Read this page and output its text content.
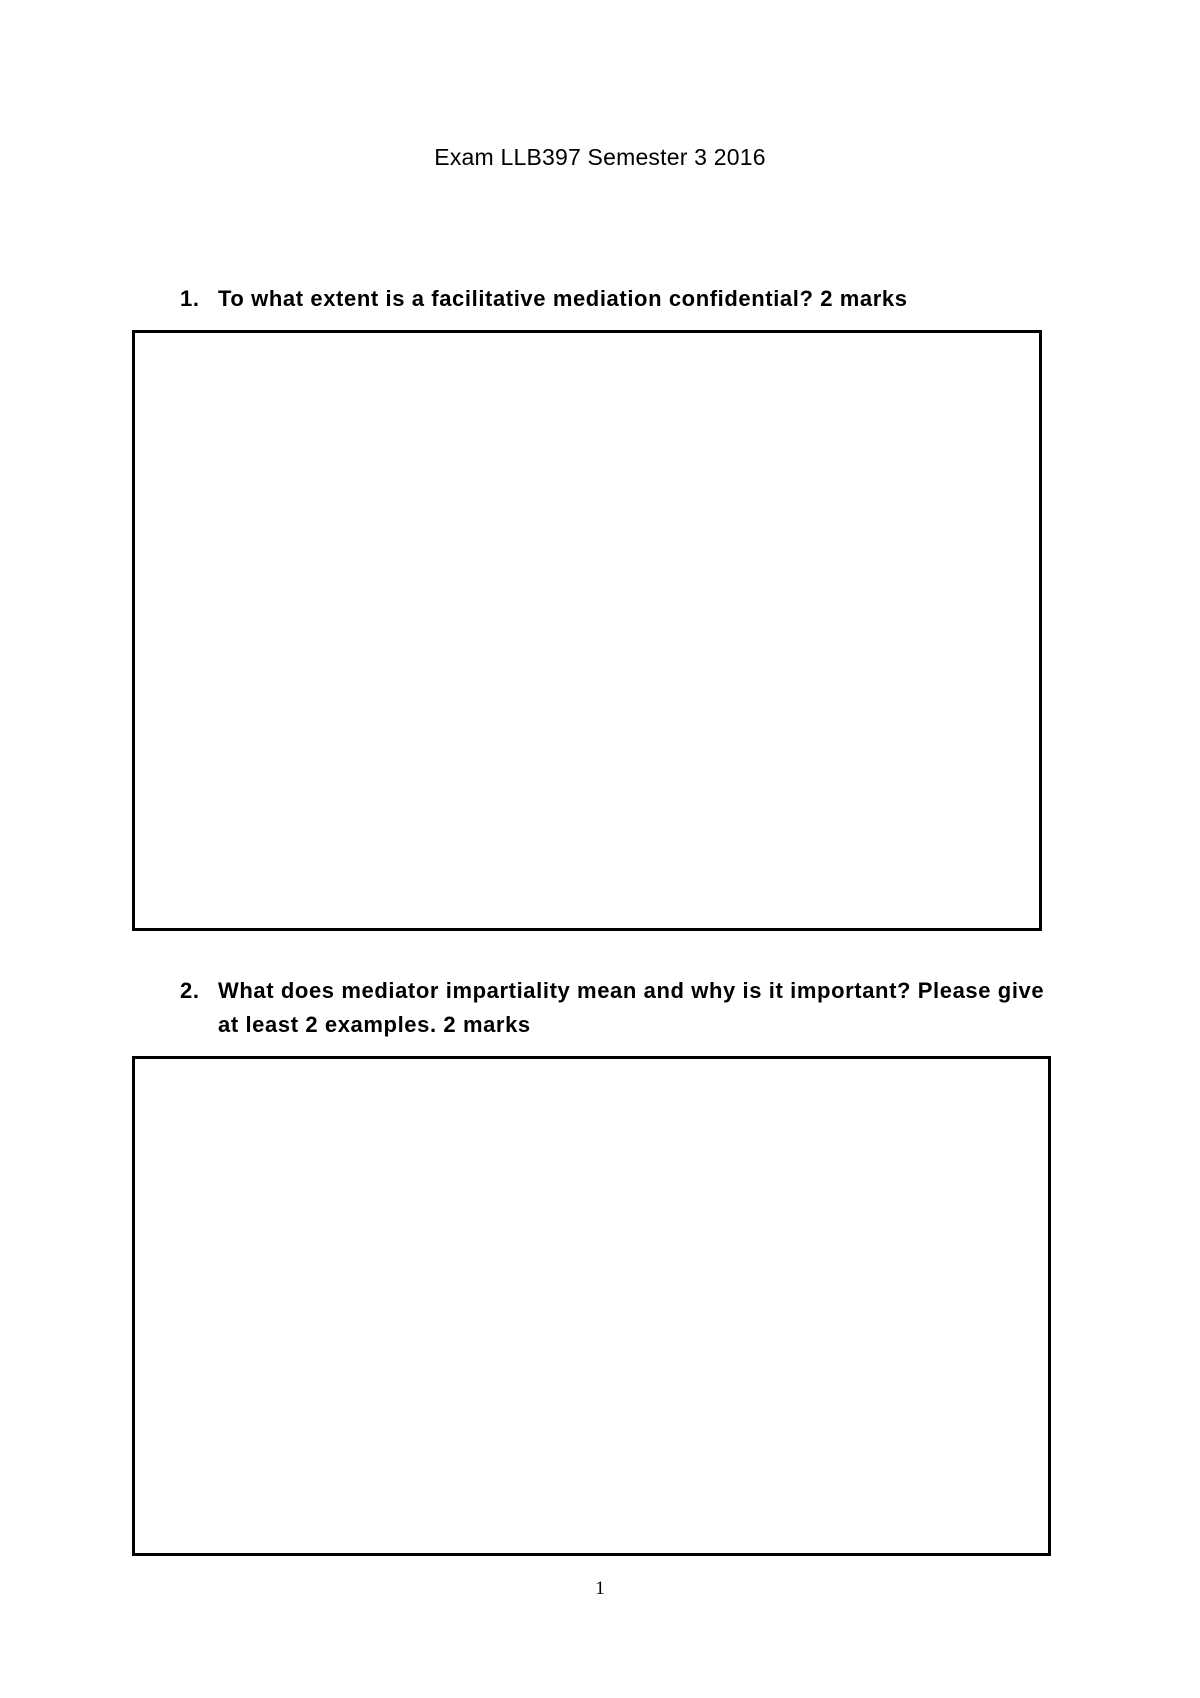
Exam LLB397 Semester 3 2016
1. To what extent is a facilitative mediation confidential? 2 marks
2. What does mediator impartiality mean and why is it important? Please give at least 2 examples. 2 marks
1
